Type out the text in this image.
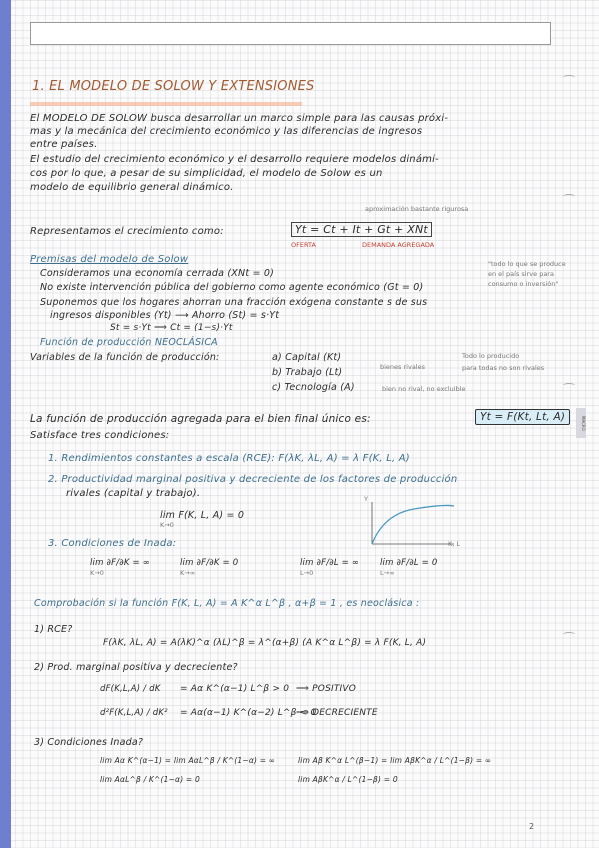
MACRO
1. EL MODELO DE SOLOW Y EXTENSIONES
El MODELO DE SOLOW busca desarrollar un marco simple para las causas próxi-
mas y la mecánica del crecimiento económico y las diferencias de ingresos
entre países.
El estudio del crecimiento económico y el desarrollo requiere modelos dinámi-
cos por lo que, a pesar de su simplicidad, el modelo de Solow es un
modelo de equilibrio general dinámico.
aproximación bastante rigurosa
Representamos el crecimiento como:	Yt = Ct + It + Gt + XNt
OFERTA	DEMANDA AGREGADA
Premisas del modelo de Solow
Consideramos una economía cerrada (XNt = 0)
No existe intervención pública del gobierno como agente económico (Gt = 0)
Suponemos que los hogares ahorran una fracción exógena constante s de sus
ingresos disponibles (Yt) ⟶ Ahorro (St) = s·Yt
St = s·Yt ⟹ Ct = (1−s)·Yt
Función de producción NEOCLÁSICA
"todo lo que se produce
en el país sirve para
consumo o inversión"
Variables de la función de producción:	a) Capital (Kt)
b) Trabajo (Lt)
c) Tecnología (A)
bienes rivales
Todo lo producido
para todas no son rivales
bien no rival, no excluible
La función de producción agregada para el bien final único es:	Yt = F(Kt, Lt, A)
Satisface tres condiciones:
1. Rendimientos constantes a escala (RCE): F(λK, λL, A) = λ F(K, L, A)
2. Productividad marginal positiva y decreciente de los factores de producción
rivales (capital y trabajo).
lim F(K, L, A) = 0
K→0
Y
K, L
3. Condiciones de Inada:
lim ∂F/∂K = ∞	lim ∂F/∂K = 0	lim ∂F/∂L = ∞ lim ∂F/∂L = 0
K→0	K→∞	L→0	L→∞
Comprobación si la función F(K, L, A) = A K^α L^β , α+β = 1 , es neoclásica :
1) RCE?
F(λK, λL, A) = A(λK)^α (λL)^β = λ^(α+β) (A K^α L^β) = λ F(K, L, A)
2) Prod. marginal positiva y decreciente?
dF(K,L,A) / dK = Aα K^(α−1) L^β > 0 ⟹ POSITIVO
d²F(K,L,A) / dK² = Aα(α−1) K^(α−2) L^β < 0
⟹ DECRECIENTE
3) Condiciones Inada?
lim Aα K^(α−1) = lim AαL^β / K^(1−α) = ∞
lim AαL^β / K^(1−α) = 0
lim Aβ K^α L^(β−1) = lim AβK^α / L^(1−β) = ∞
lim AβK^α / L^(1−β) = 0
2
